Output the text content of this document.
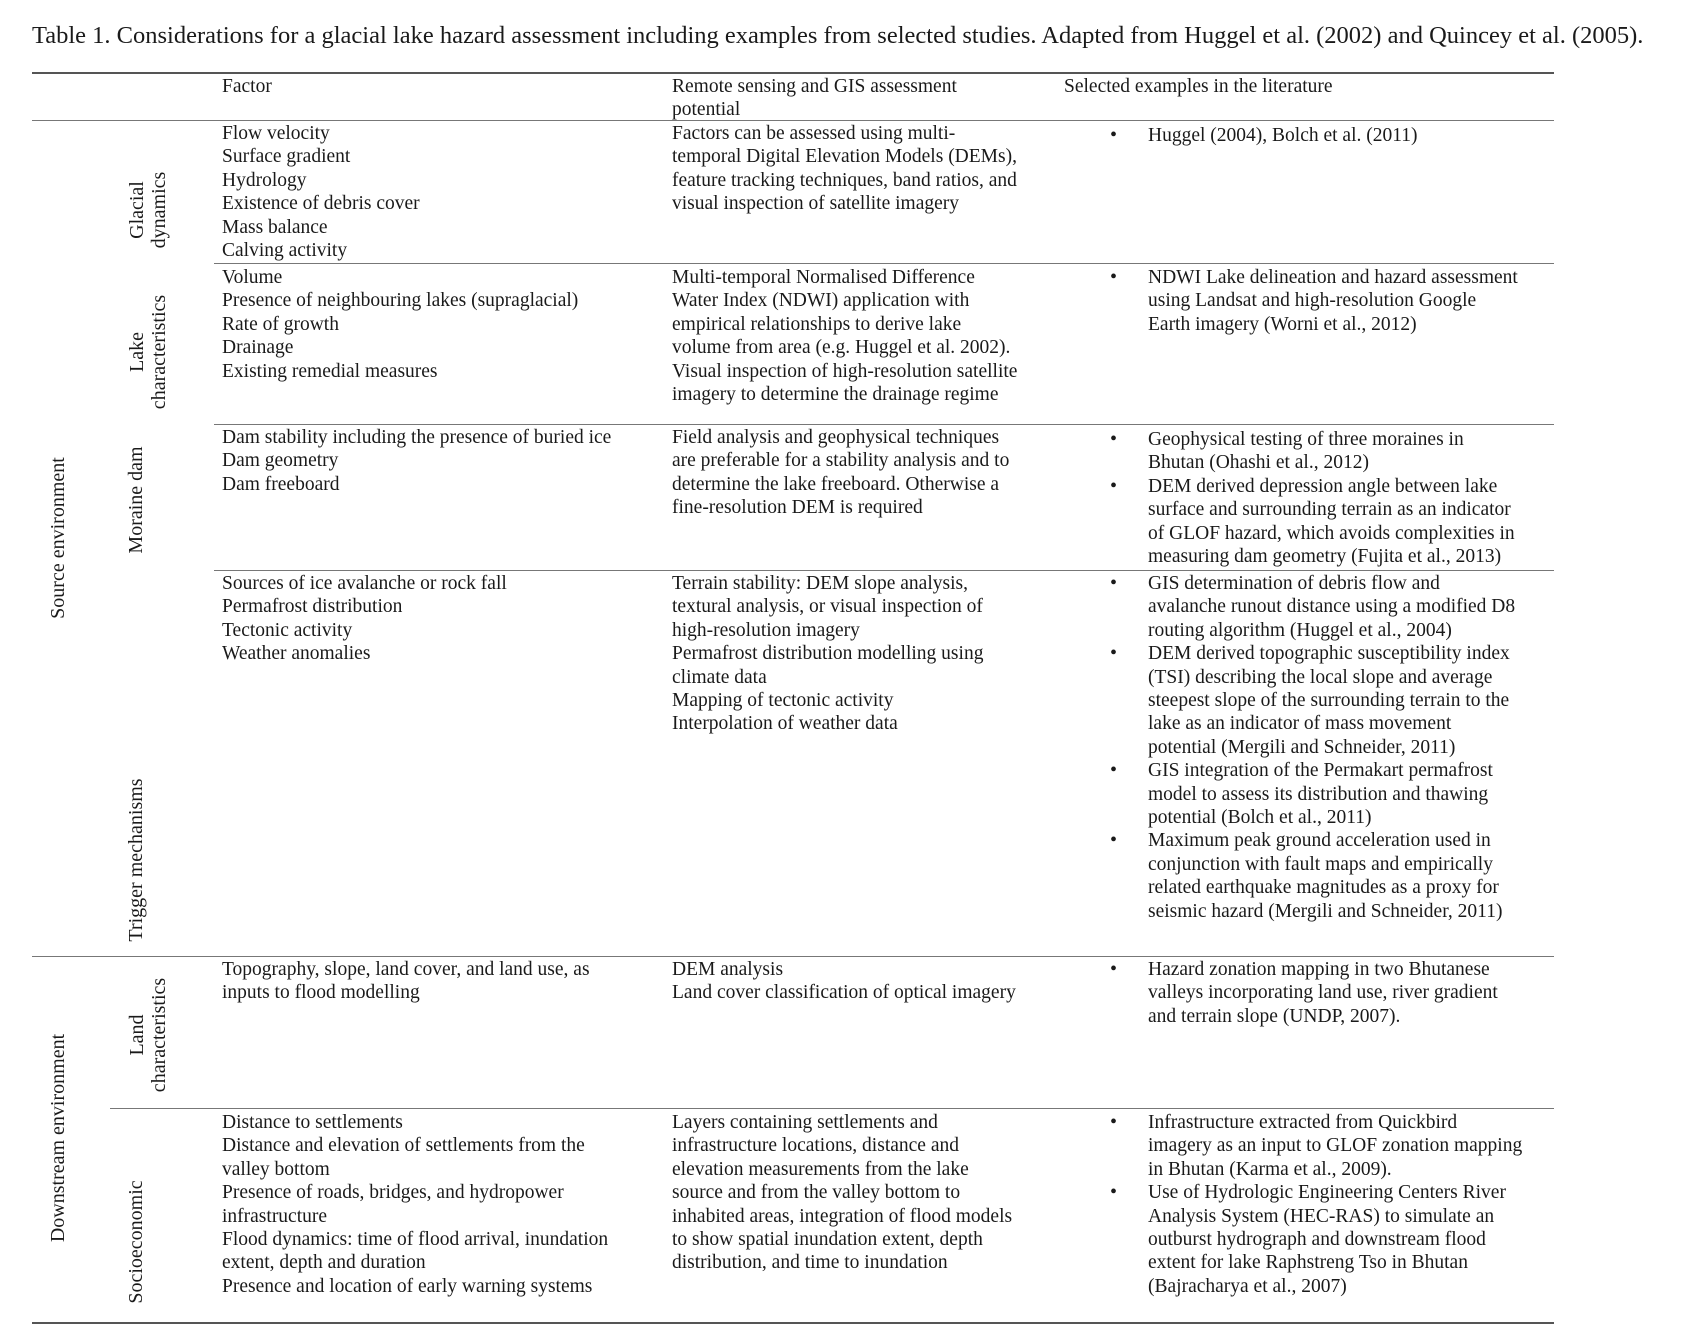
Table 1. Considerations for a glacial lake hazard assessment including examples from selected studies. Adapted from Huggel et al. (2002) and Quincey et al. (2005).
Factor	Remote sensing and GIS assessment
potential
Selected examples in the literature
Source environment
Downstream environment
Glacial dynamics
Lake characteristics
Moraine dam
Trigger mechanisms
Land characteristics
Socioeconomic
Flow velocity
Surface gradient
Hydrology
Existence of debris cover
Mass balance
Calving activity
Factors can be assessed using multi-
temporal Digital Elevation Models (DEMs),
feature tracking techniques, band ratios, and
visual inspection of satellite imagery
• Huggel (2004), Bolch et al. (2011)
Volume
Presence of neighbouring lakes (supraglacial)
Rate of growth
Drainage
Existing remedial measures
Multi-temporal Normalised Difference
Water Index (NDWI) application with
empirical relationships to derive lake
volume from area (e.g. Huggel et al. 2002).
Visual inspection of high-resolution satellite
imagery to determine the drainage regime
• NDWI Lake delineation and hazard assessment
using Landsat and high-resolution Google
Earth imagery (Worni et al., 2012)
Dam stability including the presence of buried ice
Dam geometry
Dam freeboard
Field analysis and geophysical techniques
are preferable for a stability analysis and to
determine the lake freeboard. Otherwise a
fine-resolution DEM is required
• Geophysical testing of three moraines in
Bhutan (Ohashi et al., 2012)
• DEM derived depression angle between lake
surface and surrounding terrain as an indicator
of GLOF hazard, which avoids complexities in
measuring dam geometry (Fujita et al., 2013)
Sources of ice avalanche or rock fall
Permafrost distribution
Tectonic activity
Weather anomalies
Terrain stability: DEM slope analysis,
textural analysis, or visual inspection of
high-resolution imagery
Permafrost distribution modelling using
climate data
Mapping of tectonic activity
Interpolation of weather data
• GIS determination of debris flow and
avalanche runout distance using a modified D8
routing algorithm (Huggel et al., 2004)
• DEM derived topographic susceptibility index
(TSI) describing the local slope and average
steepest slope of the surrounding terrain to the
lake as an indicator of mass movement
potential (Mergili and Schneider, 2011)
• GIS integration of the Permakart permafrost
model to assess its distribution and thawing
potential (Bolch et al., 2011)
• Maximum peak ground acceleration used in
conjunction with fault maps and empirically
related earthquake magnitudes as a proxy for
seismic hazard (Mergili and Schneider, 2011)
Topography, slope, land cover, and land use, as
inputs to flood modelling
DEM analysis
Land cover classification of optical imagery
• Hazard zonation mapping in two Bhutanese
valleys incorporating land use, river gradient
and terrain slope (UNDP, 2007).
Distance to settlements
Distance and elevation of settlements from the
valley bottom
Presence of roads, bridges, and hydropower
infrastructure
Flood dynamics: time of flood arrival, inundation
extent, depth and duration
Presence and location of early warning systems
Layers containing settlements and
infrastructure locations, distance and
elevation measurements from the lake
source and from the valley bottom to
inhabited areas, integration of flood models
to show spatial inundation extent, depth
distribution, and time to inundation
• Infrastructure extracted from Quickbird
imagery as an input to GLOF zonation mapping
in Bhutan (Karma et al., 2009).
• Use of Hydrologic Engineering Centers River
Analysis System (HEC-RAS) to simulate an
outburst hydrograph and downstream flood
extent for lake Raphstreng Tso in Bhutan
(Bajracharya et al., 2007)
